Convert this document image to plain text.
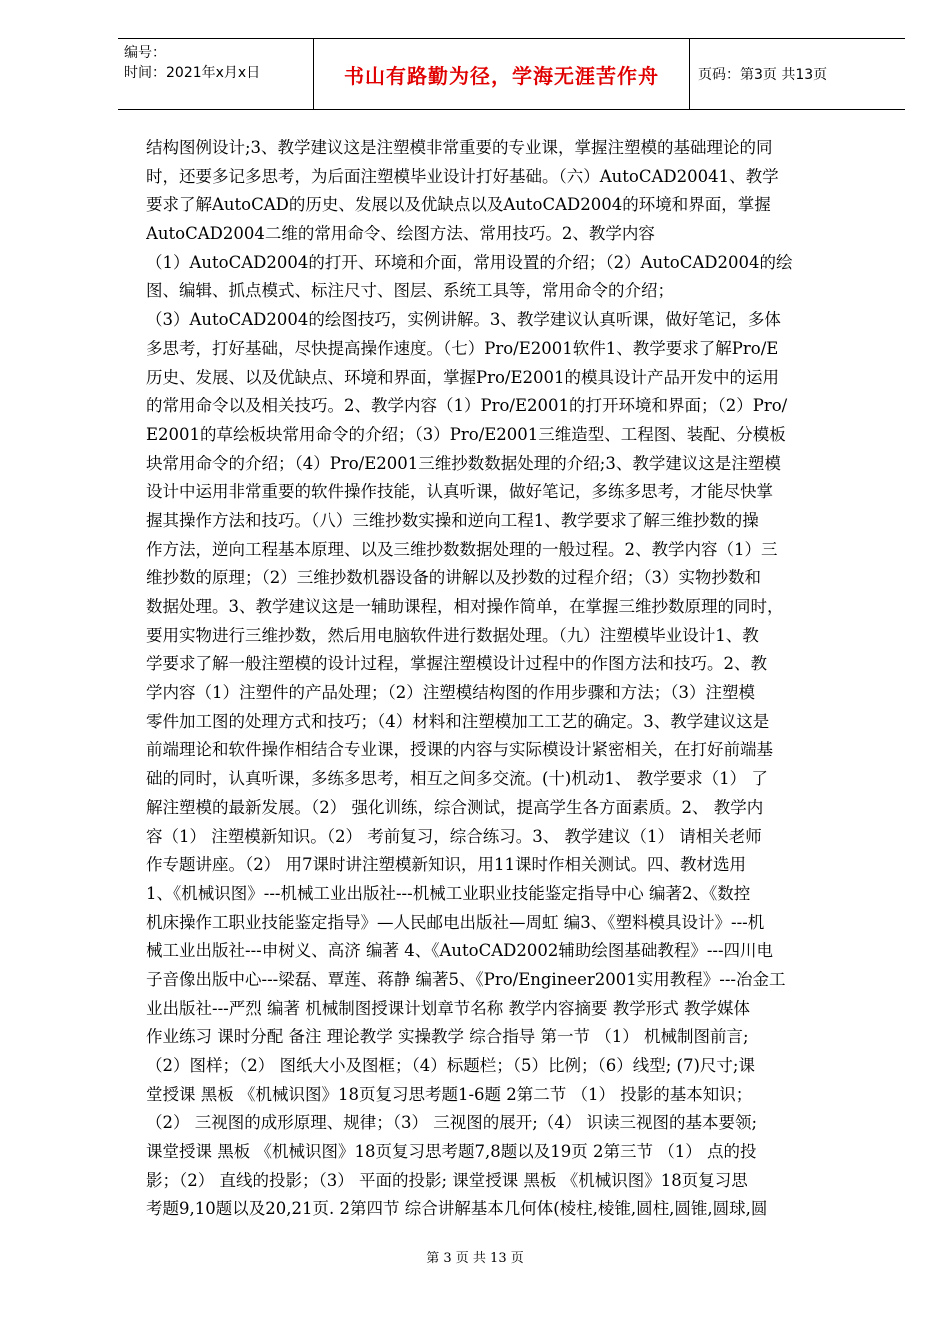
编号：
时间：2021年x月x日	书山有路勤为径，学海无涯苦作舟	页码：第3页 共13页
结构图例设计;3、教学建议这是注塑模非常重要的专业课，掌握注塑模的基础理论的同
时，还要多记多思考，为后面注塑模毕业设计打好基础。（六）AutoCAD20041、教学
要求了解AutoCAD的历史、发展以及优缺点以及AutoCAD2004的环境和界面，掌握
AutoCAD2004二维的常用命令、绘图方法、常用技巧。2、教学内容
（1）AutoCAD2004的打开、环境和介面，常用设置的介绍；（2）AutoCAD2004的绘
图、编辑、抓点模式、标注尺寸、图层、系统工具等，常用命令的介绍；
（3）AutoCAD2004的绘图技巧，实例讲解。3、教学建议认真听课，做好笔记，多体
多思考，打好基础，尽快提高操作速度。（七）Pro/E2001软件1、教学要求了解Pro/E
历史、发展、以及优缺点、环境和界面，掌握Pro/E2001的模具设计产品开发中的运用
的常用命令以及相关技巧。2、教学内容（1）Pro/E2001的打开环境和界面；（2）Pro/
E2001的草绘板块常用命令的介绍；（3）Pro/E2001三维造型、工程图、装配、分模板
块常用命令的介绍；（4）Pro/E2001三维抄数数据处理的介绍;3、教学建议这是注塑模
设计中运用非常重要的软件操作技能，认真听课，做好笔记，多练多思考，才能尽快掌
握其操作方法和技巧。（八）三维抄数实操和逆向工程1、教学要求了解三维抄数的操
作方法，逆向工程基本原理、以及三维抄数数据处理的一般过程。2、教学内容（1）三
维抄数的原理；（2）三维抄数机器设备的讲解以及抄数的过程介绍；（3）实物抄数和
数据处理。3、教学建议这是一辅助课程，相对操作简单，在掌握三维抄数原理的同时，
要用实物进行三维抄数，然后用电脑软件进行数据处理。（九）注塑模毕业设计1、教
学要求了解一般注塑模的设计过程，掌握注塑模设计过程中的作图方法和技巧。2、教
学内容（1）注塑件的产品处理；（2）注塑模结构图的作用步骤和方法；（3）注塑模
零件加工图的处理方式和技巧；（4）材料和注塑模加工工艺的确定。3、教学建议这是
前端理论和软件操作相结合专业课，授课的内容与实际模设计紧密相关，在打好前端基
础的同时，认真听课，多练多思考，相互之间多交流。(十)机动1、 教学要求（1） 了
解注塑模的最新发展。（2） 强化训练，综合测试，提高学生各方面素质。2、 教学内
容（1） 注塑模新知识。（2） 考前复习，综合练习。3、 教学建议（1） 请相关老师
作专题讲座。（2） 用7课时讲注塑模新知识，用11课时作相关测试。四、教材选用
1、《机械识图》---机械工业出版社---机械工业职业技能鉴定指导中心 编著2、《数控
机床操作工职业技能鉴定指导》—人民邮电出版社—周虹 编3、《塑料模具设计》---机
械工业出版社---申树义、高济 编著 4、《AutoCAD2002辅助绘图基础教程》---四川电
子音像出版中心---梁磊、覃莲、蒋静 编著5、《Pro/Engineer2001实用教程》---冶金工
业出版社---严烈 编著 机械制图授课计划章节名称 教学内容摘要 教学形式 教学媒体
作业练习 课时分配 备注 理论教学 实操教学 综合指导 第一节 （1） 机械制图前言;
（2）图样；（2） 图纸大小及图框；（4）标题栏；（5）比例；（6）线型; (7)尺寸;课
堂授课 黑板 《机械识图》18页复习思考题1-6题 2第二节 （1） 投影的基本知识；
（2） 三视图的成形原理、规律；（3） 三视图的展开;（4） 识读三视图的基本要领;
课堂授课 黑板 《机械识图》18页复习思考题7,8题以及19页 2第三节 （1） 点的投
影；（2） 直线的投影；（3） 平面的投影; 课堂授课 黑板 《机械识图》18页复习思
考题9,10题以及20,21页. 2第四节 综合讲解基本几何体(棱柱,棱锥,圆柱,圆锥,圆球,圆
第 3 页 共 13 页
